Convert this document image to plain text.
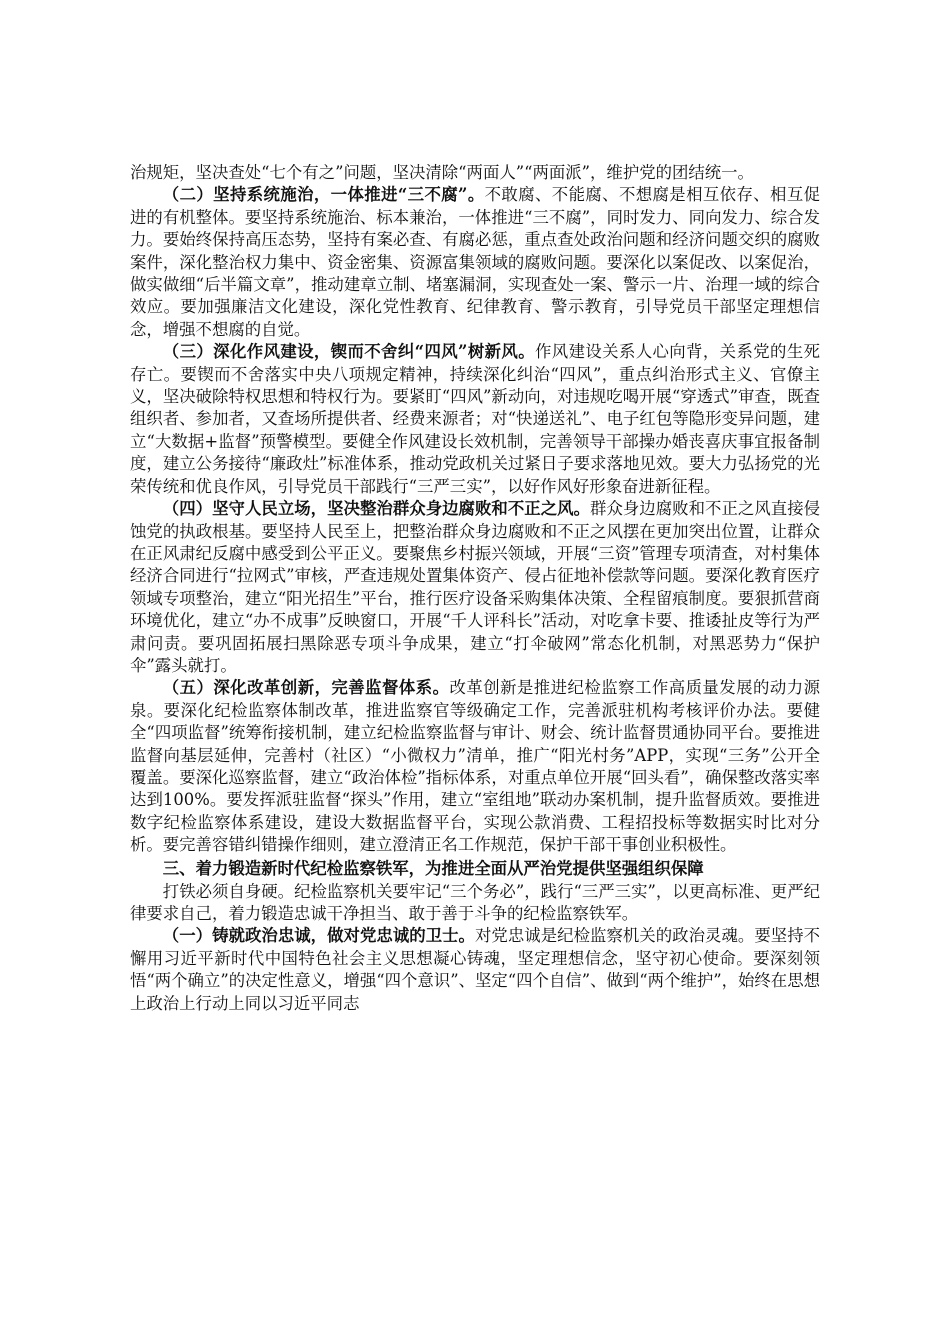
治规矩，坚决查处“七个有之”问题，坚决清除“两面人”“两面派”，维护党的团结统一。

（二）坚持系统施治，一体推进“三不腐”。不敢腐、不能腐、不想腐是相互依存、相互促进的有机整体。要坚持系统施治、标本兼治，一体推进“三不腐”，同时发力、同向发力、综合发力。要始终保持高压态势，坚持有案必查、有腐必惩，重点查处政治问题和经济问题交织的腐败案件，深化整治权力集中、资金密集、资源富集领域的腐败问题。要深化以案促改、以案促治，做实做细“后半篇文章”，推动建章立制、堵塞漏洞，实现查处一案、警示一片、治理一域的综合效应。要加强廉洁文化建设，深化党性教育、纪律教育、警示教育，引导党员干部坚定理想信念，增强不想腐的自觉。

（三）深化作风建设，锲而不舍纠“四风”树新风。作风建设关系人心向背，关系党的生死存亡。要锲而不舍落实中央八项规定精神，持续深化纠治“四风”，重点纠治形式主义、官僚主义，坚决破除特权思想和特权行为。要紧盯“四风”新动向，对违规吃喝开展“穿透式”审查，既查组织者、参加者，又查场所提供者、经费来源者；对“快递送礼”、电子红包等隐形变异问题，建立“大数据+监督”预警模型。要健全作风建设长效机制，完善领导干部操办婚丧喜庆事宜报备制度，建立公务接待“廉政灶”标准体系，推动党政机关过紧日子要求落地见效。要大力弘扬党的光荣传统和优良作风，引导党员干部践行“三严三实”，以好作风好形象奋进新征程。

（四）坚守人民立场，坚决整治群众身边腐败和不正之风。群众身边腐败和不正之风直接侵蚀党的执政根基。要坚持人民至上，把整治群众身边腐败和不正之风摆在更加突出位置，让群众在正风肃纪反腐中感受到公平正义。要聚焦乡村振兴领域，开展“三资”管理专项清查，对村集体经济合同进行“拉网式”审核，严查违规处置集体资产、侵占征地补偿款等问题。要深化教育医疗领域专项整治，建立“阳光招生”平台，推行医疗设备采购集体决策、全程留痕制度。要狠抓营商环境优化，建立“办不成事”反映窗口，开展“千人评科长”活动，对吃拿卡要、推诿扯皮等行为严肃问责。要巩固拓展扫黑除恶专项斗争成果，建立“打伞破网”常态化机制，对黑恶势力“保护伞”露头就打。

（五）深化改革创新，完善监督体系。改革创新是推进纪检监察工作高质量发展的动力源泉。要深化纪检监察体制改革，推进监察官等级确定工作，完善派驻机构考核评价办法。要健全“四项监督”统筹衔接机制，建立纪检监察监督与审计、财会、统计监督贯通协同平台。要推进监督向基层延伸，完善村（社区）“小微权力”清单，推广“阳光村务”APP，实现“三务”公开全覆盖。要深化巡察监督，建立“政治体检”指标体系，对重点单位开展“回头看”，确保整改落实率达到100%。要发挥派驻监督“探头”作用，建立“室组地”联动办案机制，提升监督质效。要推进数字纪检监察体系建设，建设大数据监督平台，实现公款消费、工程招投标等数据实时比对分析。要完善容错纠错操作细则，建立澄清正名工作规范，保护干部干事创业积极性。

三、着力锻造新时代纪检监察铁军，为推进全面从严治党提供坚强组织保障

打铁必须自身硬。纪检监察机关要牢记“三个务必”，践行“三严三实”，以更高标准、更严纪律要求自己，着力锻造忠诚干净担当、敢于善于斗争的纪检监察铁军。

（一）铸就政治忠诚，做对党忠诚的卫士。对党忠诚是纪检监察机关的政治灵魂。要坚持不懈用习近平新时代中国特色社会主义思想凝心铸魂，坚定理想信念，坚守初心使命。要深刻领悟“两个确立”的决定性意义，增强“四个意识”、坚定“四个自信”、做到“两个维护”，始终在思想上政治上行动上同以习近平同志
